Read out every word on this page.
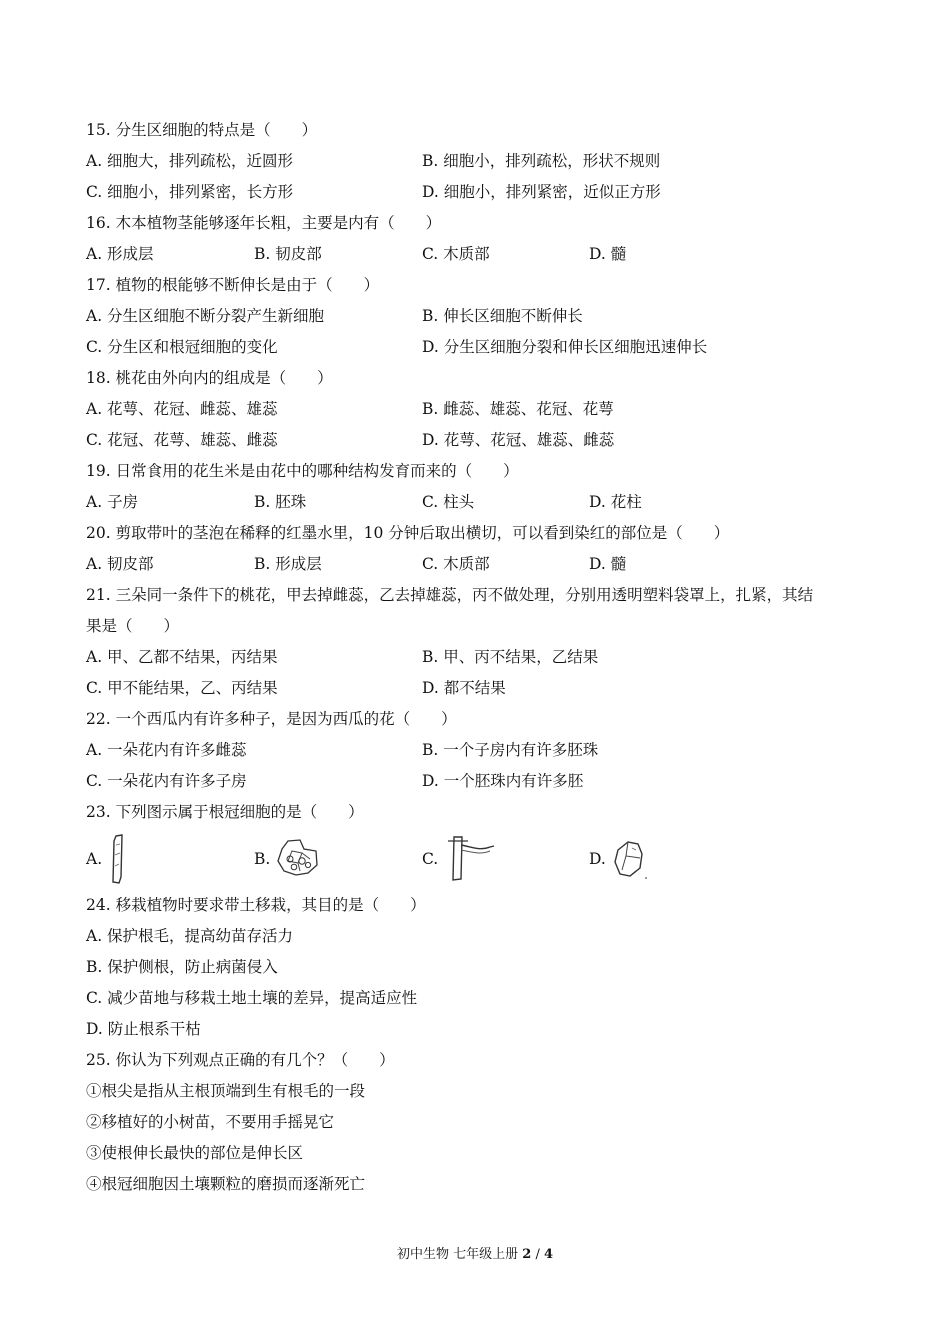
15. 分生区细胞的特点是（　　）
A. 细胞大，排列疏松，近圆形	B. 细胞小，排列疏松，形状不规则
C. 细胞小，排列紧密，长方形	D. 细胞小，排列紧密，近似正方形
16. 木本植物茎能够逐年长粗，主要是内有（　　）
A. 形成层	B. 韧皮部	C. 木质部	D. 髓
17. 植物的根能够不断伸长是由于（　　）
A. 分生区细胞不断分裂产生新细胞	B. 伸长区细胞不断伸长
C. 分生区和根冠细胞的变化	D. 分生区细胞分裂和伸长区细胞迅速伸长
18. 桃花由外向内的组成是（　　）
A. 花萼、花冠、雌蕊、雄蕊	B. 雌蕊、雄蕊、花冠、花萼
C. 花冠、花萼、雄蕊、雌蕊	D. 花萼、花冠、雄蕊、雌蕊
19. 日常食用的花生米是由花中的哪种结构发育而来的（　　）
A. 子房	B. 胚珠	C. 柱头	D. 花柱
20. 剪取带叶的茎泡在稀释的红墨水里，10 分钟后取出横切，可以看到染红的部位是（　　）
A. 韧皮部	B. 形成层	C. 木质部	D. 髓
21. 三朵同一条件下的桃花，甲去掉雌蕊，乙去掉雄蕊，丙不做处理，分别用透明塑料袋罩上，扎紧，其结
果是（　　）
A. 甲、乙都不结果，丙结果	B. 甲、丙不结果，乙结果
C. 甲不能结果，乙、丙结果	D. 都不结果
22. 一个西瓜内有许多种子，是因为西瓜的花（　　）
A. 一朵花内有许多雌蕊	B. 一个子房内有许多胚珠
C. 一朵花内有许多子房	D. 一个胚珠内有许多胚
23. 下列图示属于根冠细胞的是（　　）
A.	B.	C.	D.
24. 移栽植物时要求带土移栽，其目的是（　　）
A. 保护根毛，提高幼苗存活力
B. 保护侧根，防止病菌侵入
C. 减少苗地与移栽土地土壤的差异，提高适应性
D. 防止根系干枯
25. 你认为下列观点正确的有几个？（　　）
①根尖是指从主根顶端到生有根毛的一段
②移植好的小树苗，不要用手摇晃它
③使根伸长最快的部位是伸长区
④根冠细胞因土壤颗粒的磨损而逐渐死亡
初中生物 七年级上册 2 / 4
